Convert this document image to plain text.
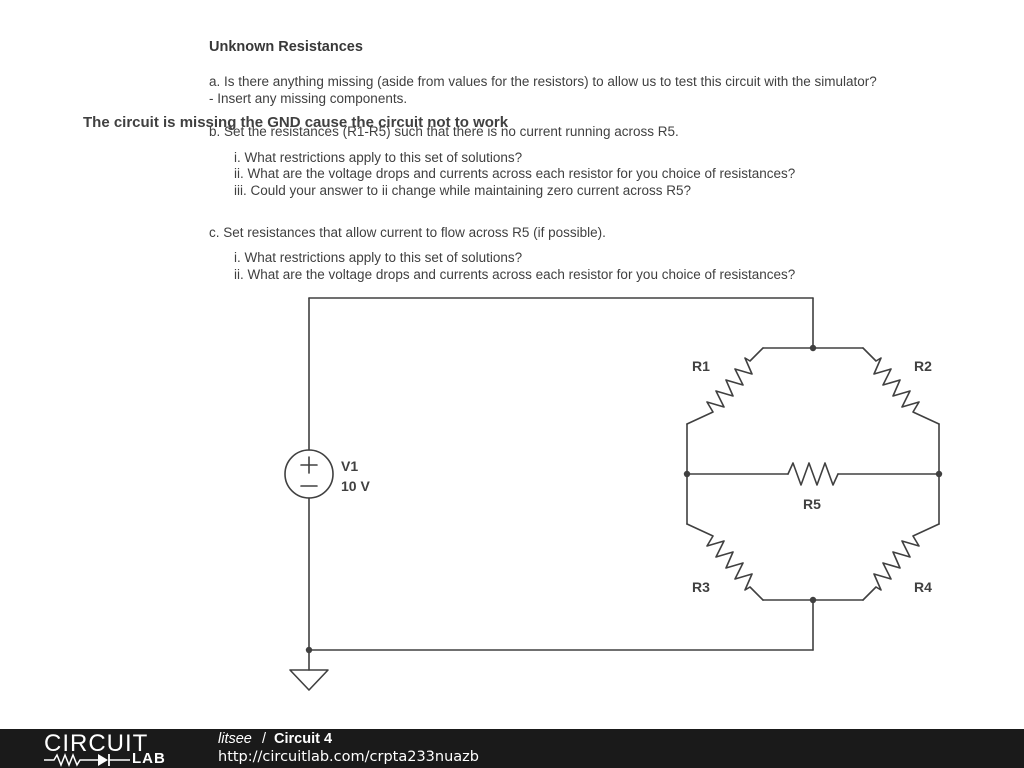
Unknown Resistances
a. Is there anything missing (aside from values for the resistors) to allow us to test this circuit with the simulator?
- Insert any missing components.
b. Set the resistances (R1-R5) such that there is no current running across R5.
i. What restrictions apply to this set of solutions?
ii. What are the voltage drops and currents across each resistor for you choice of resistances?
iii. Could your answer to ii change while maintaining zero current across R5?
c. Set resistances that allow current to flow across R5 (if possible).
i. What restrictions apply to this set of solutions?
ii. What are the voltage drops and currents across each resistor for you choice of resistances?
The circuit is missing the GND cause the circuit not to work
V1
10 V
R1	R2
R5
R3	R4
CIRCUIT
LAB
litsee / Circuit 4
http://circuitlab.com/crpta233nuazb
